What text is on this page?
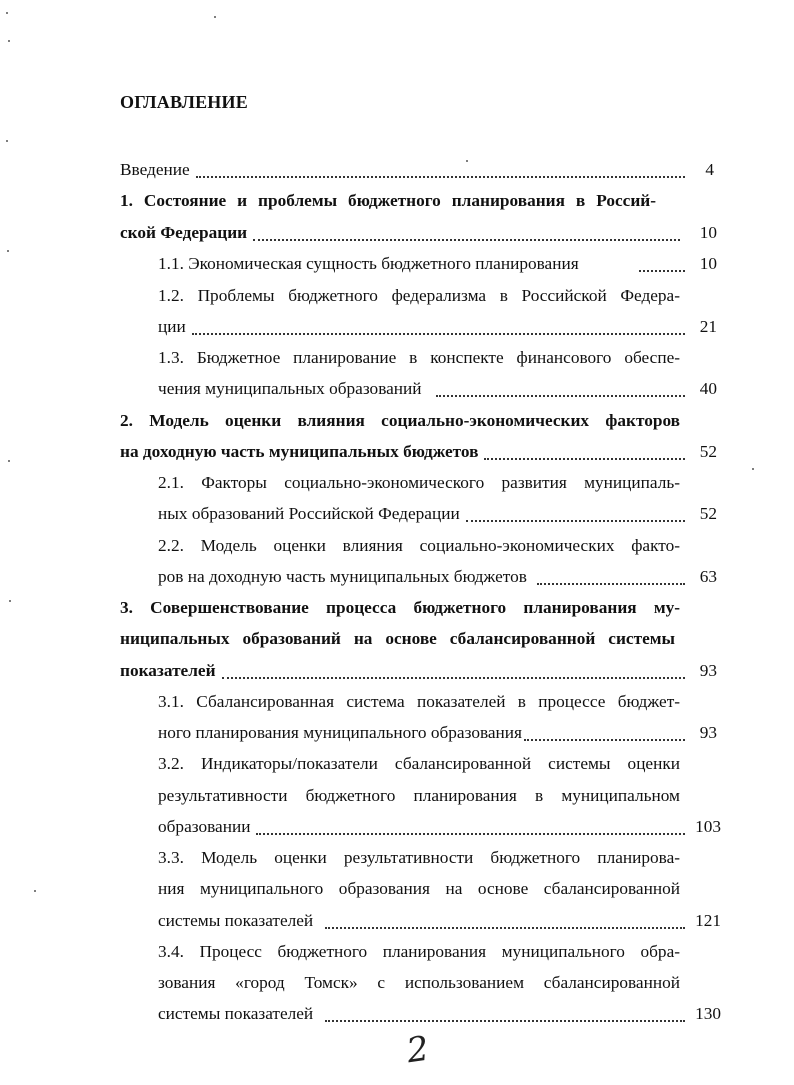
ОГЛАВЛЕНИЕ
Введение	4
1. Состояние и проблемы бюджетного планирования в Россий-
ской Федерации	10
1.1. Экономическая сущность бюджетного планирования	10
1.2. Проблемы бюджетного федерализма в Российской Федера-
ции	21
1.3. Бюджетное планирование в конспекте финансового обеспе-
чения муниципальных образований	40
2. Модель оценки влияния социально-экономических факторов
на доходную часть муниципальных бюджетов	52
2.1. Факторы социально-экономического развития муниципаль-
ных образований Российской Федерации	52
2.2. Модель оценки влияния социально-экономических факто-
ров на доходную часть муниципальных бюджетов	63
3. Совершенствование процесса бюджетного планирования му-
ниципальных образований на основе сбалансированной системы
показателей	93
3.1. Сбалансированная система показателей в процессе бюджет-
ного планирования муниципального образования	93
3.2. Индикаторы/показатели сбалансированной системы оценки
результативности бюджетного планирования в муниципальном
образовании	103
3.3. Модель оценки результативности бюджетного планирова-
ния муниципального образования на основе сбалансированной
системы показателей	121
3.4. Процесс бюджетного планирования муниципального обра-
зования «город Томск» с использованием сбалансированной
системы показателей	130
2
